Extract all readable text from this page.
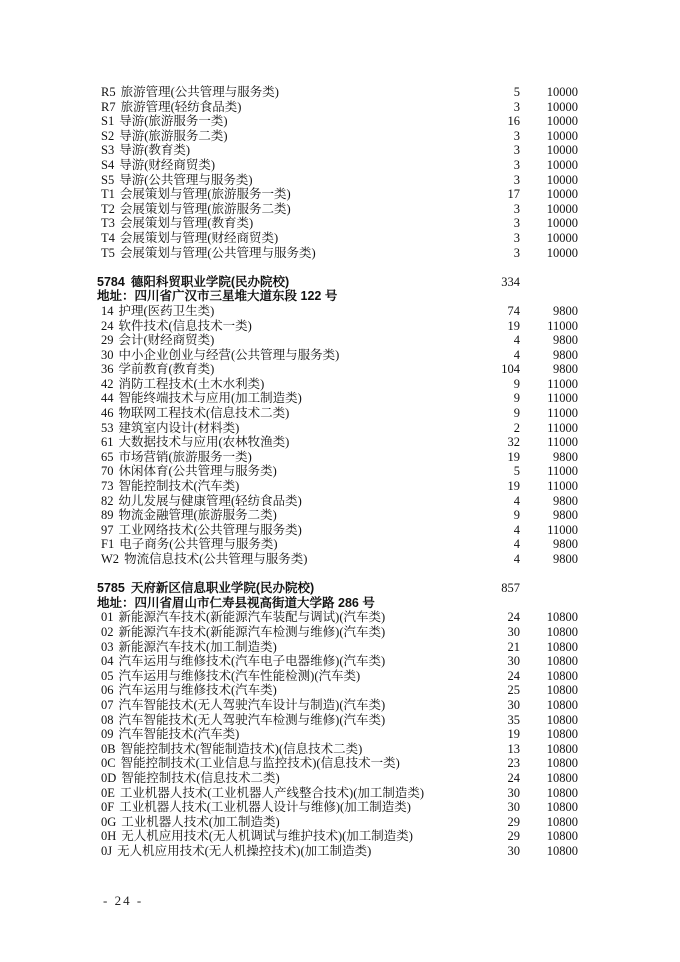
R5 旅游管理(公共管理与服务类)	5	10000
R7 旅游管理(轻纺食品类)	3	10000
S1 导游(旅游服务一类)	16	10000
S2 导游(旅游服务二类)	3	10000
S3 导游(教育类)	3	10000
S4 导游(财经商贸类)	3	10000
S5 导游(公共管理与服务类)	3	10000
T1 会展策划与管理(旅游服务一类)	17	10000
T2 会展策划与管理(旅游服务二类)	3	10000
T3 会展策划与管理(教育类)	3	10000
T4 会展策划与管理(财经商贸类)	3	10000
T5 会展策划与管理(公共管理与服务类)	3	10000
5784 德阳科贸职业学院(民办院校)	334
地址： 四川省广汉市三星堆大道东段 122 号
14 护理(医药卫生类)	74	9800
24 软件技术(信息技术一类)	19	11000
29 会计(财经商贸类)	4	9800
30 中小企业创业与经营(公共管理与服务类)	4	9800
36 学前教育(教育类)	104	9800
42 消防工程技术(土木水利类)	9	11000
44 智能终端技术与应用(加工制造类)	9	11000
46 物联网工程技术(信息技术二类)	9	11000
53 建筑室内设计(材料类)	2	11000
61 大数据技术与应用(农林牧渔类)	32	11000
65 市场营销(旅游服务一类)	19	9800
70 休闲体育(公共管理与服务类)	5	11000
73 智能控制技术(汽车类)	19	11000
82 幼儿发展与健康管理(轻纺食品类)	4	9800
89 物流金融管理(旅游服务二类)	9	9800
97 工业网络技术(公共管理与服务类)	4	11000
F1 电子商务(公共管理与服务类)	4	9800
W2 物流信息技术(公共管理与服务类)	4	9800
5785 天府新区信息职业学院(民办院校)	857
地址： 四川省眉山市仁寿县视高街道大学路 286 号
01 新能源汽车技术(新能源汽车装配与调试)(汽车类)	24	10800
02 新能源汽车技术(新能源汽车检测与维修)(汽车类)	30	10800
03 新能源汽车技术(加工制造类)	21	10800
04 汽车运用与维修技术(汽车电子电器维修)(汽车类)	30	10800
05 汽车运用与维修技术(汽车性能检测)(汽车类)	24	10800
06 汽车运用与维修技术(汽车类)	25	10800
07 汽车智能技术(无人驾驶汽车设计与制造)(汽车类)	30	10800
08 汽车智能技术(无人驾驶汽车检测与维修)(汽车类)	35	10800
09 汽车智能技术(汽车类)	19	10800
0B 智能控制技术(智能制造技术)(信息技术二类)	13	10800
0C 智能控制技术(工业信息与监控技术)(信息技术一类)	23	10800
0D 智能控制技术(信息技术二类)	24	10800
0E 工业机器人技术(工业机器人产线整合技术)(加工制造类)	30	10800
0F 工业机器人技术(工业机器人设计与维修)(加工制造类)	30	10800
0G 工业机器人技术(加工制造类)	29	10800
0H 无人机应用技术(无人机调试与维护技术)(加工制造类)	29	10800
0J 无人机应用技术(无人机操控技术)(加工制造类)	30	10800
- 24 -
